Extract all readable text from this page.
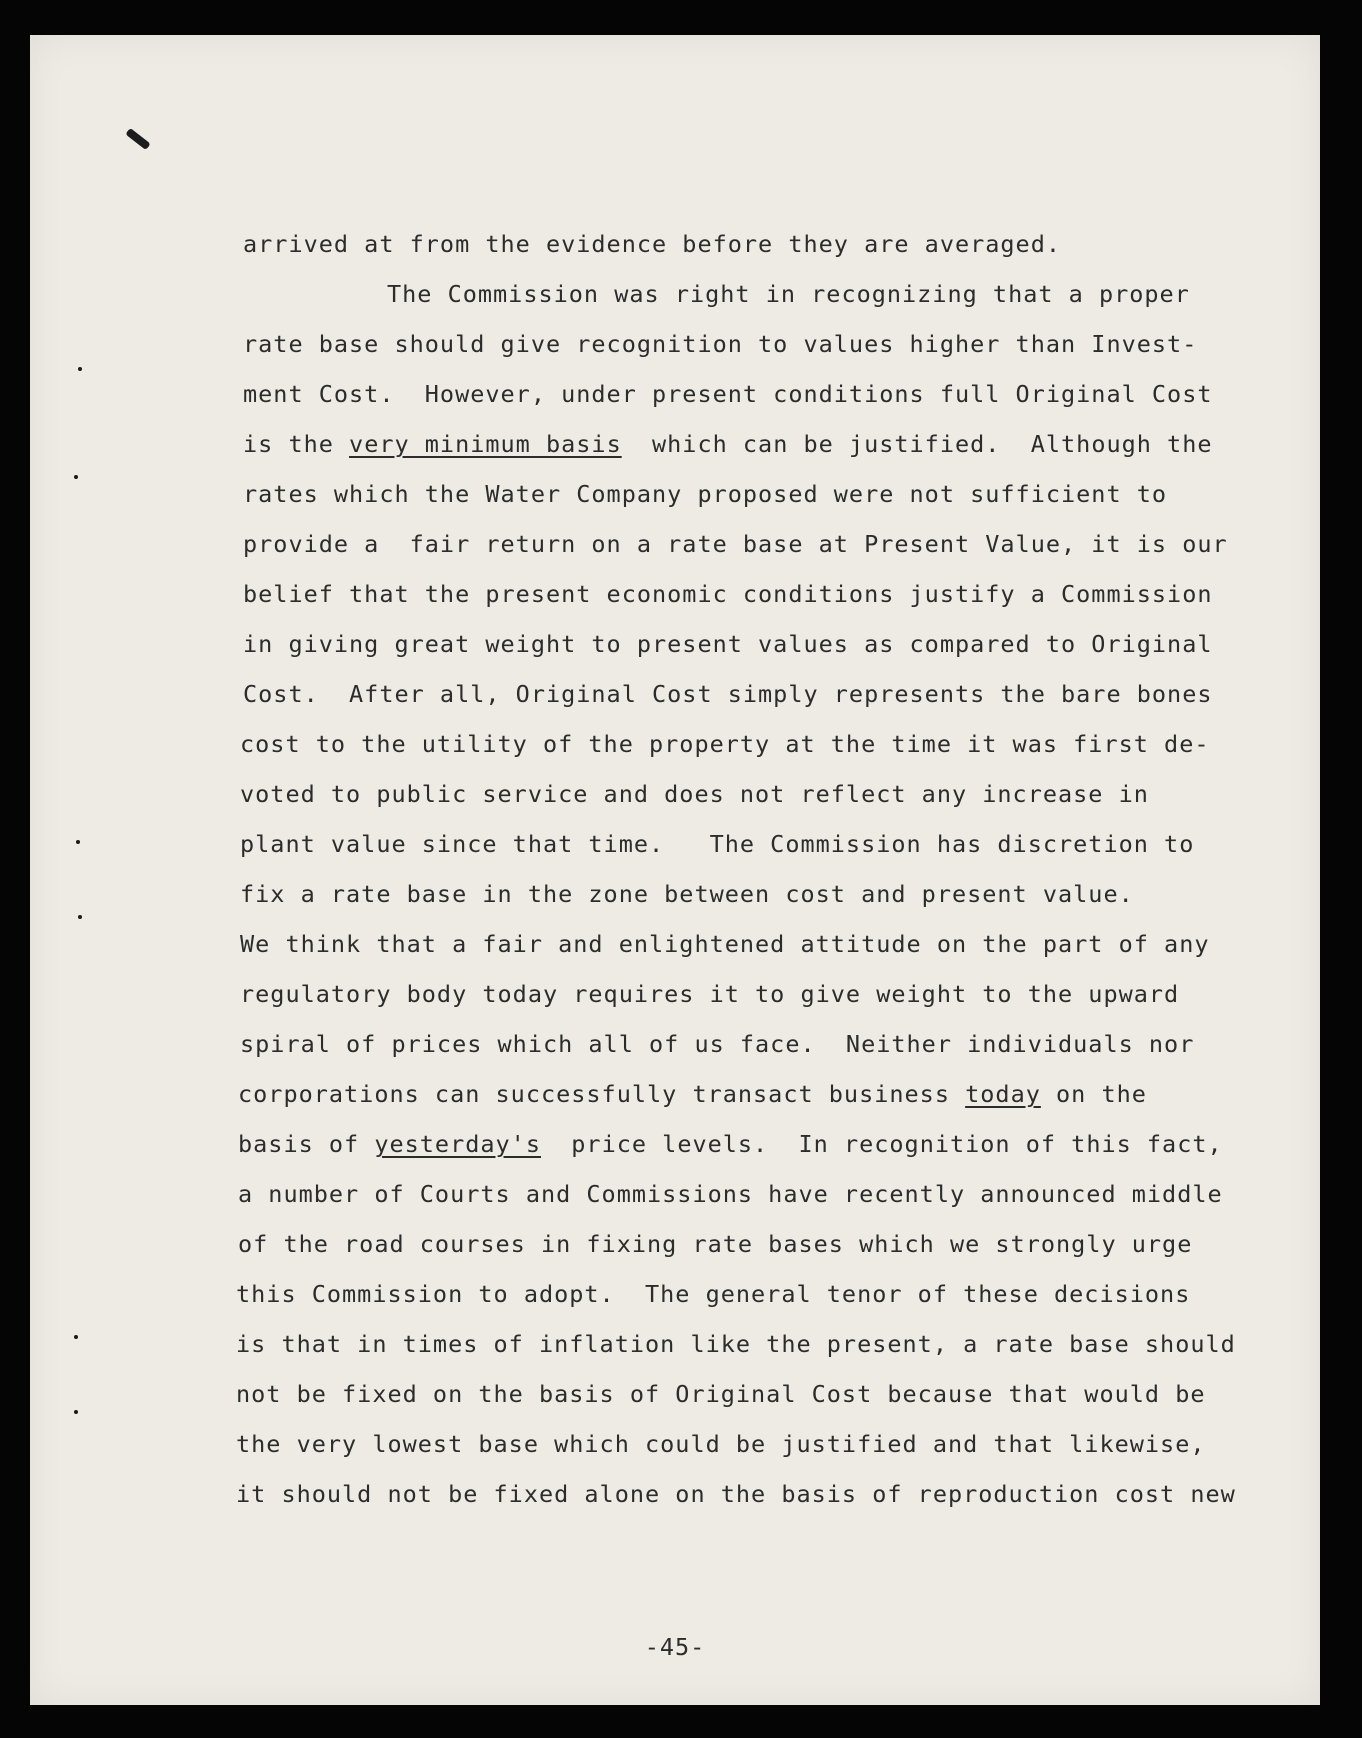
arrived at from the evidence before they are averaged.

The Commission was right in recognizing that a proper

rate base should give recognition to values higher than Invest-

ment Cost.  However, under present conditions full Original Cost

is the very minimum basis  which can be justified.  Although the

rates which the Water Company proposed were not sufficient to

provide a  fair return on a rate base at Present Value, it is our

belief that the present economic conditions justify a Commission

in giving great weight to present values as compared to Original

Cost.  After all, Original Cost simply represents the bare bones

cost to the utility of the property at the time it was first de-

voted to public service and does not reflect any increase in

plant value since that time.   The Commission has discretion to

fix a rate base in the zone between cost and present value.

We think that a fair and enlightened attitude on the part of any

regulatory body today requires it to give weight to the upward

spiral of prices which all of us face.  Neither individuals nor

corporations can successfully transact business today on the

basis of yesterday's  price levels.  In recognition of this fact,

a number of Courts and Commissions have recently announced middle

of the road courses in fixing rate bases which we strongly urge

this Commission to adopt.  The general tenor of these decisions

is that in times of inflation like the present, a rate base should

not be fixed on the basis of Original Cost because that would be

the very lowest base which could be justified and that likewise,

it should not be fixed alone on the basis of reproduction cost new

-45-
